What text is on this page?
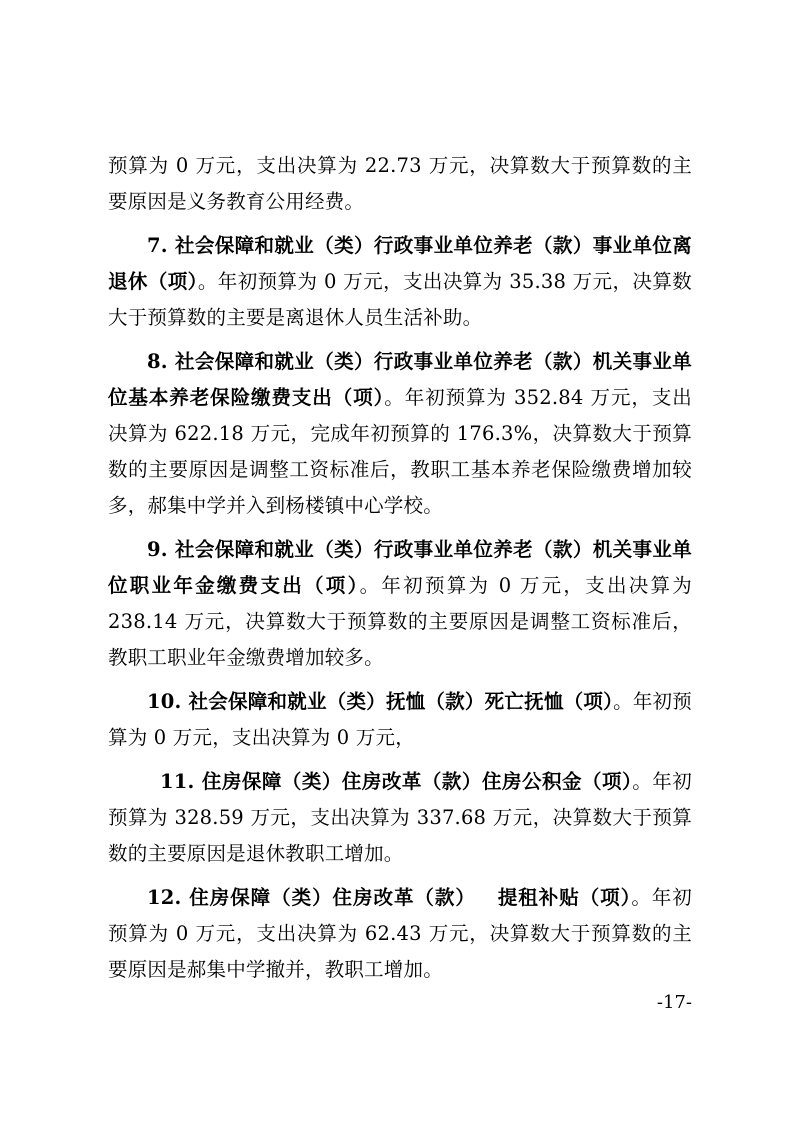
预算为 0 万元，支出决算为 22.73 万元，决算数大于预算数的主要原因是义务教育公用经费。

7. 社会保障和就业（类）行政事业单位养老（款）事业单位离退休（项）。年初预算为 0 万元，支出决算为 35.38 万元，决算数大于预算数的主要是离退休人员生活补助。

8. 社会保障和就业（类）行政事业单位养老（款）机关事业单位基本养老保险缴费支出（项）。年初预算为 352.84 万元，支出决算为 622.18 万元，完成年初预算的 176.3%，决算数大于预算数的主要原因是调整工资标准后，教职工基本养老保险缴费增加较多，郝集中学并入到杨楼镇中心学校。

9. 社会保障和就业（类）行政事业单位养老（款）机关事业单位职业年金缴费支出（项）。年初预算为 0 万元，支出决算为 238.14 万元，决算数大于预算数的主要原因是调整工资标准后，教职工职业年金缴费增加较多。

10. 社会保障和就业（类）抚恤（款）死亡抚恤（项）。年初预算为 0 万元，支出决算为 0 万元，

11. 住房保障（类）住房改革（款）住房公积金（项）。年初预算为 328.59 万元，支出决算为 337.68 万元，决算数大于预算数的主要原因是退休教职工增加。

12. 住房保障（类）住房改革（款） 提租补贴（项）。年初预算为 0 万元，支出决算为 62.43 万元，决算数大于预算数的主要原因是郝集中学撤并，教职工增加。

-17-
